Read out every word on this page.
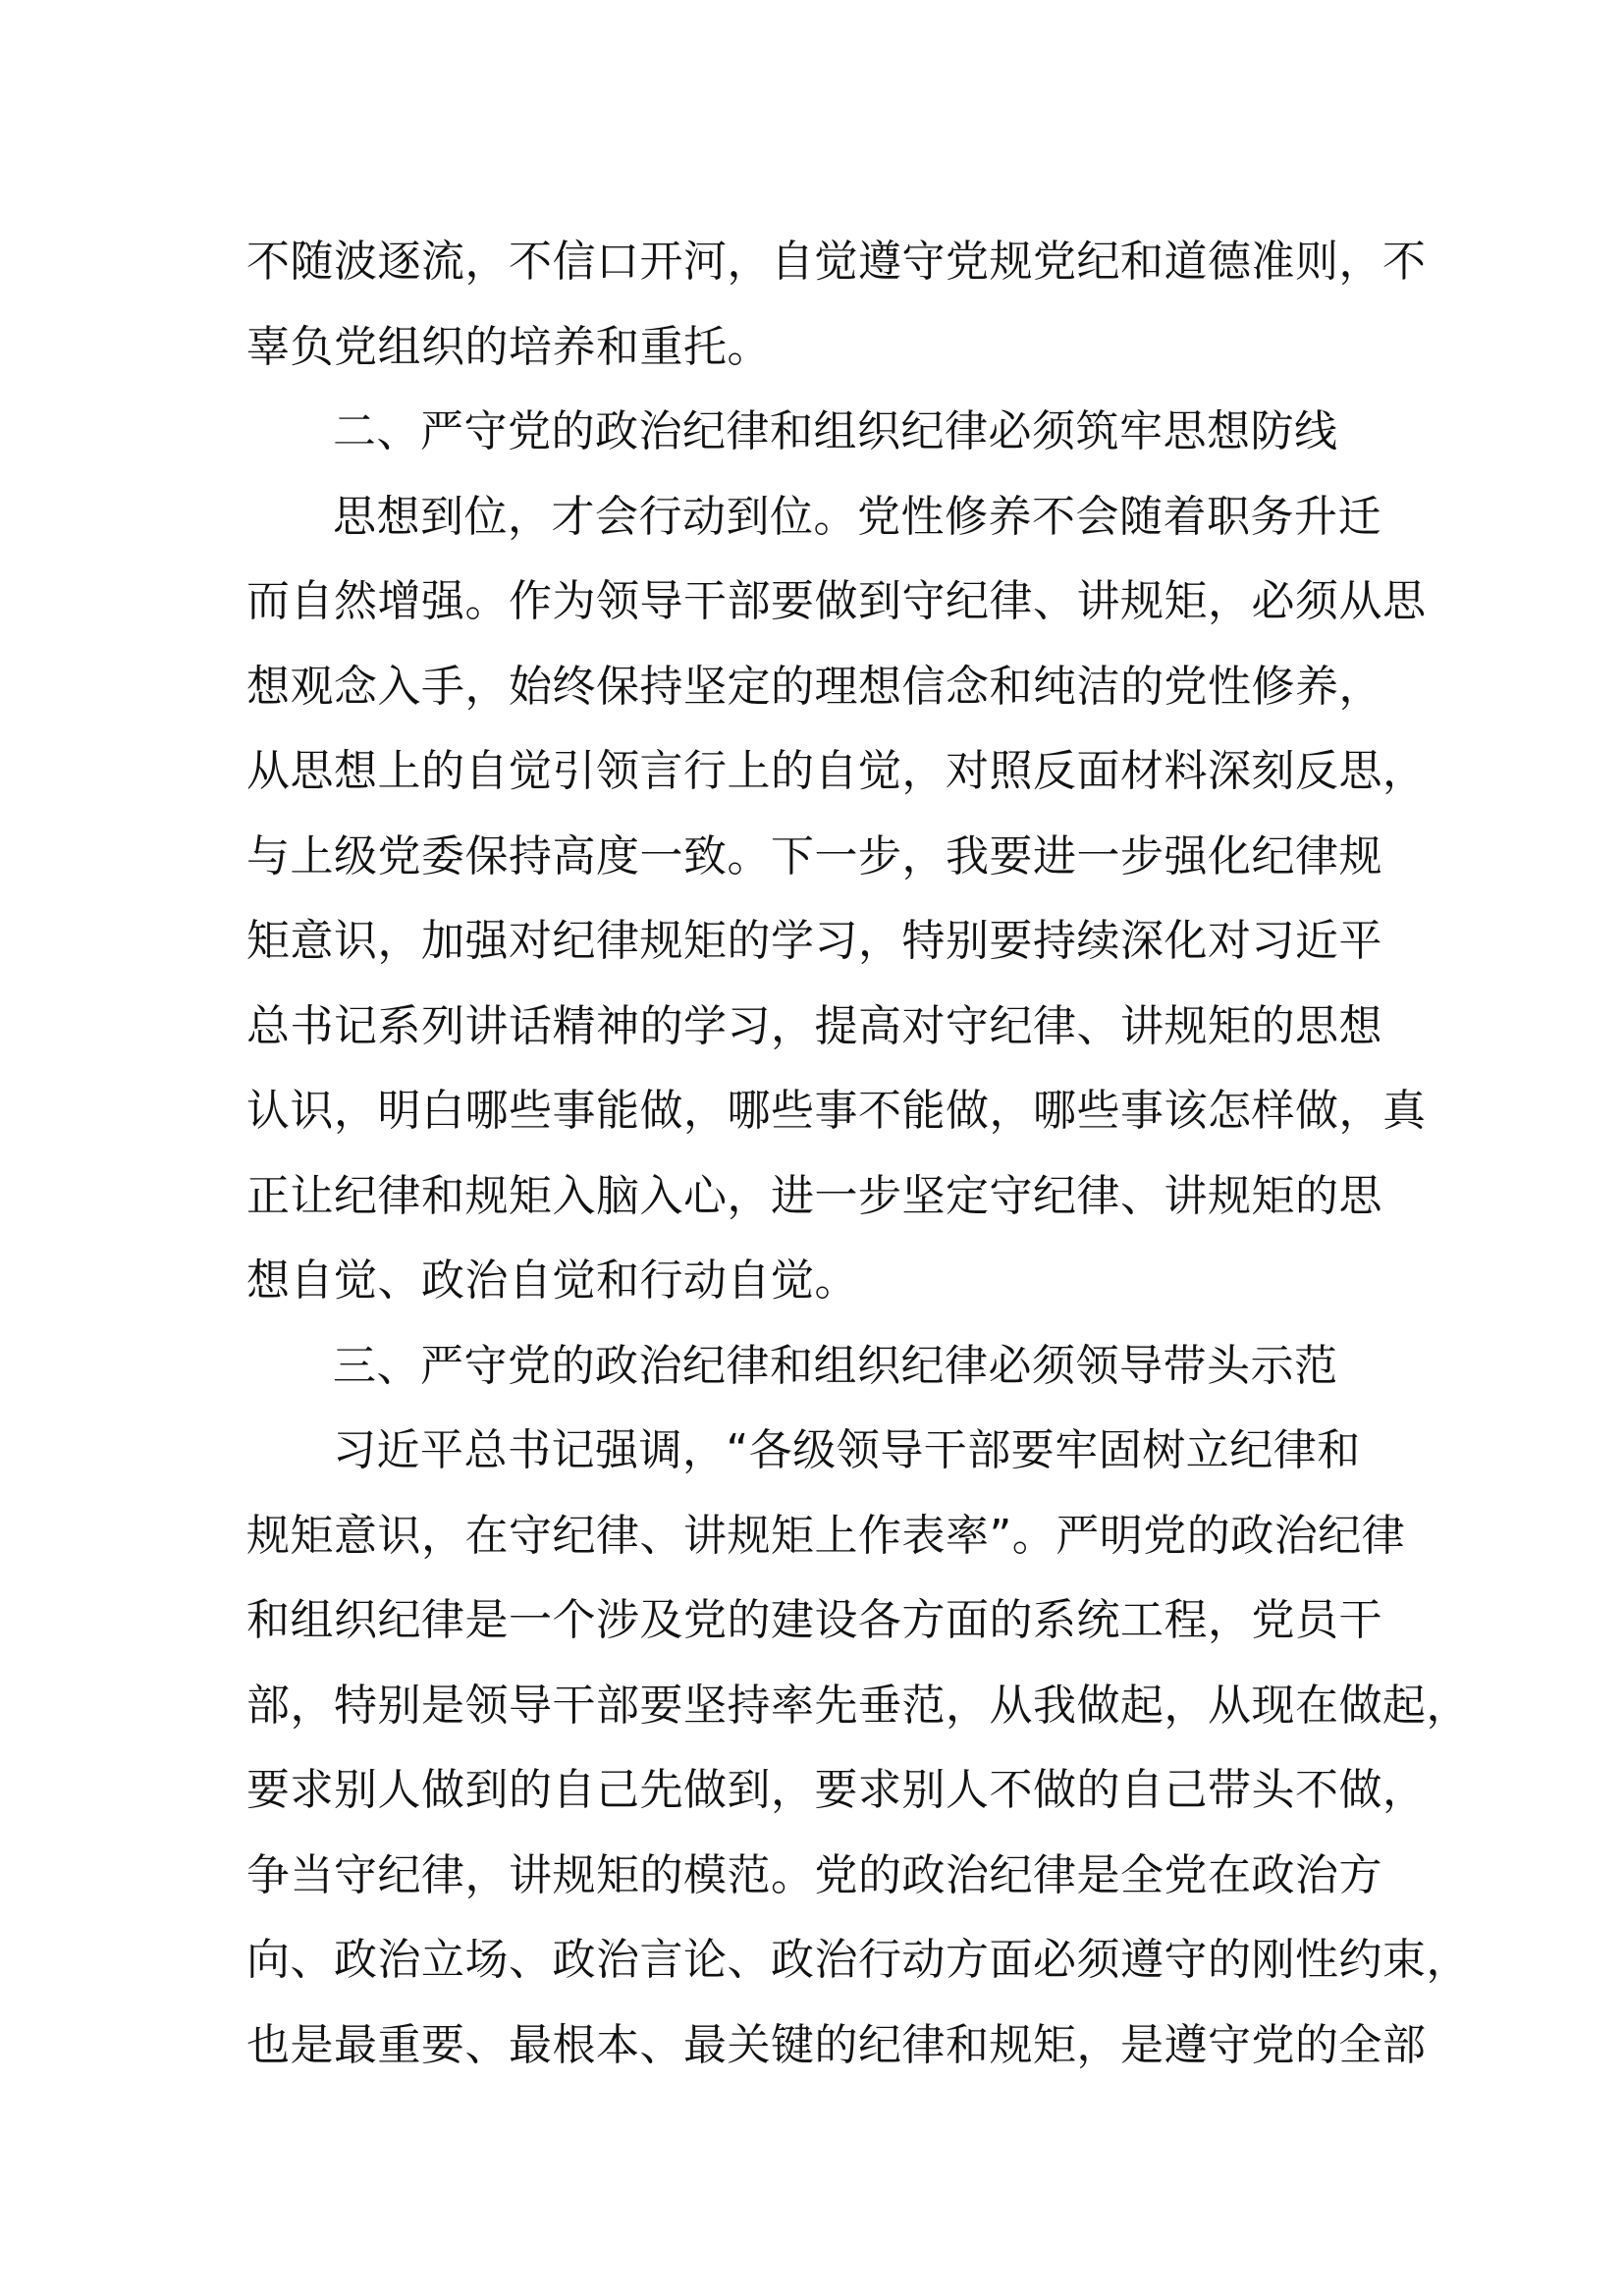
不随波逐流，不信口开河，自觉遵守党规党纪和道德准则，不
辜负党组织的培养和重托。
二、严守党的政治纪律和组织纪律必须筑牢思想防线
思想到位，才会行动到位。党性修养不会随着职务升迁
而自然增强。作为领导干部要做到守纪律、讲规矩，必须从思
想观念入手，始终保持坚定的理想信念和纯洁的党性修养，
从思想上的自觉引领言行上的自觉，对照反面材料深刻反思，
与上级党委保持高度一致。下一步，我要进一步强化纪律规
矩意识，加强对纪律规矩的学习，特别要持续深化对习近平
总书记系列讲话精神的学习，提高对守纪律、讲规矩的思想
认识，明白哪些事能做，哪些事不能做，哪些事该怎样做，真
正让纪律和规矩入脑入心，进一步坚定守纪律、讲规矩的思
想自觉、政治自觉和行动自觉。
三、严守党的政治纪律和组织纪律必须领导带头示范
习近平总书记强调，“各级领导干部要牢固树立纪律和
规矩意识，在守纪律、讲规矩上作表率”。严明党的政治纪律
和组织纪律是一个涉及党的建设各方面的系统工程，党员干
部，特别是领导干部要坚持率先垂范，从我做起，从现在做起，
要求别人做到的自己先做到，要求别人不做的自己带头不做，
争当守纪律，讲规矩的模范。党的政治纪律是全党在政治方
向、政治立场、政治言论、政治行动方面必须遵守的刚性约束，
也是最重要、最根本、最关键的纪律和规矩，是遵守党的全部
